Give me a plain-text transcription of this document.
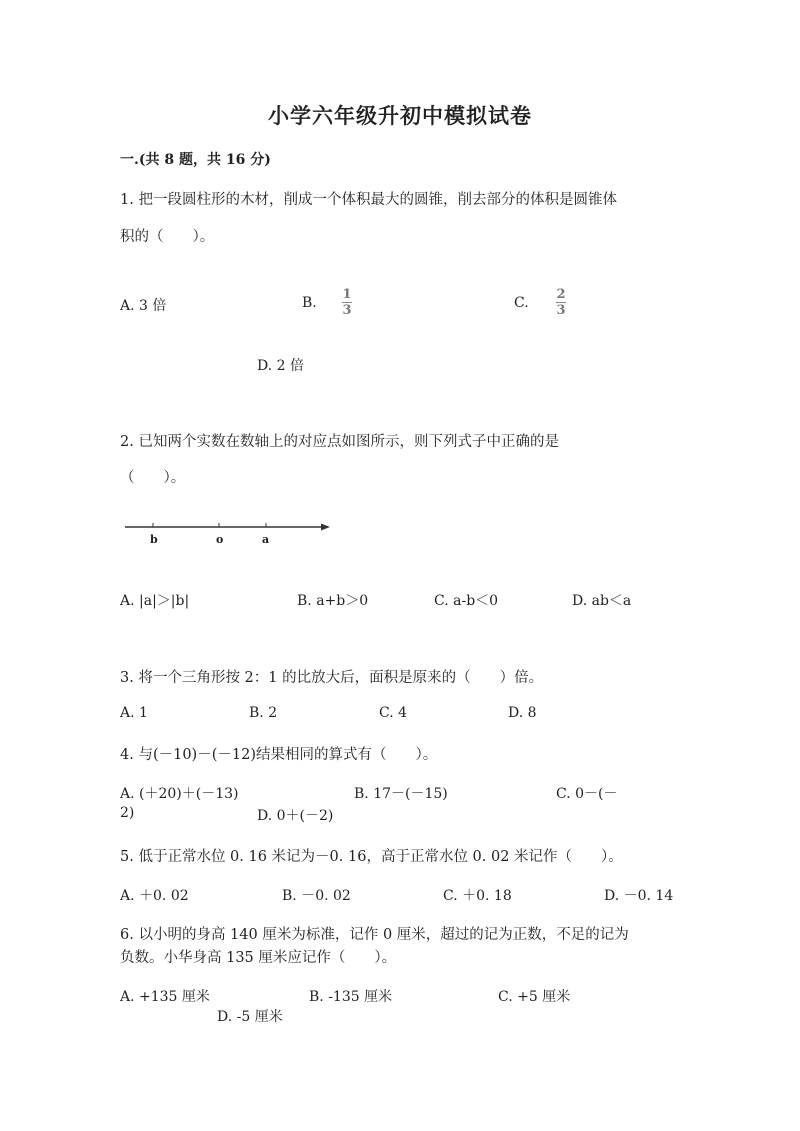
小学六年级升初中模拟试卷
一.(共 8 题，共 16 分)
1. 把一段圆柱形的木材，削成一个体积最大的圆锥，削去部分的体积是圆锥体
积的（　　）。
A. 3 倍	B.
1
3	C.
2
3
D. 2 倍
2. 已知两个实数在数轴上的对应点如图所示，则下列式子中正确的是
（　　）。
b	o	a
A. |a|＞|b|	B. a+b＞0	C. a-b＜0	D. ab＜a
3. 将一个三角形按 2：1 的比放大后，面积是原来的（　　）倍。
A. 1	B. 2	C. 4	D. 8
4. 与(－10)－(－12)结果相同的算式有（　　）。
A. (＋20)＋(－13)	B. 17－(－15)	C. 0－(－
2)	D. 0＋(－2)
5. 低于正常水位 0. 16 米记为－0. 16，高于正常水位 0. 02 米记作（　　）。
A. ＋0. 02	B. －0. 02	C. ＋0. 18	D. －0. 14
6. 以小明的身高 140 厘米为标准，记作 0 厘米，超过的记为正数，不足的记为
负数。小华身高 135 厘米应记作（　　）。
A. +135 厘米	B. -135 厘米	C. +5 厘米
D. -5 厘米
